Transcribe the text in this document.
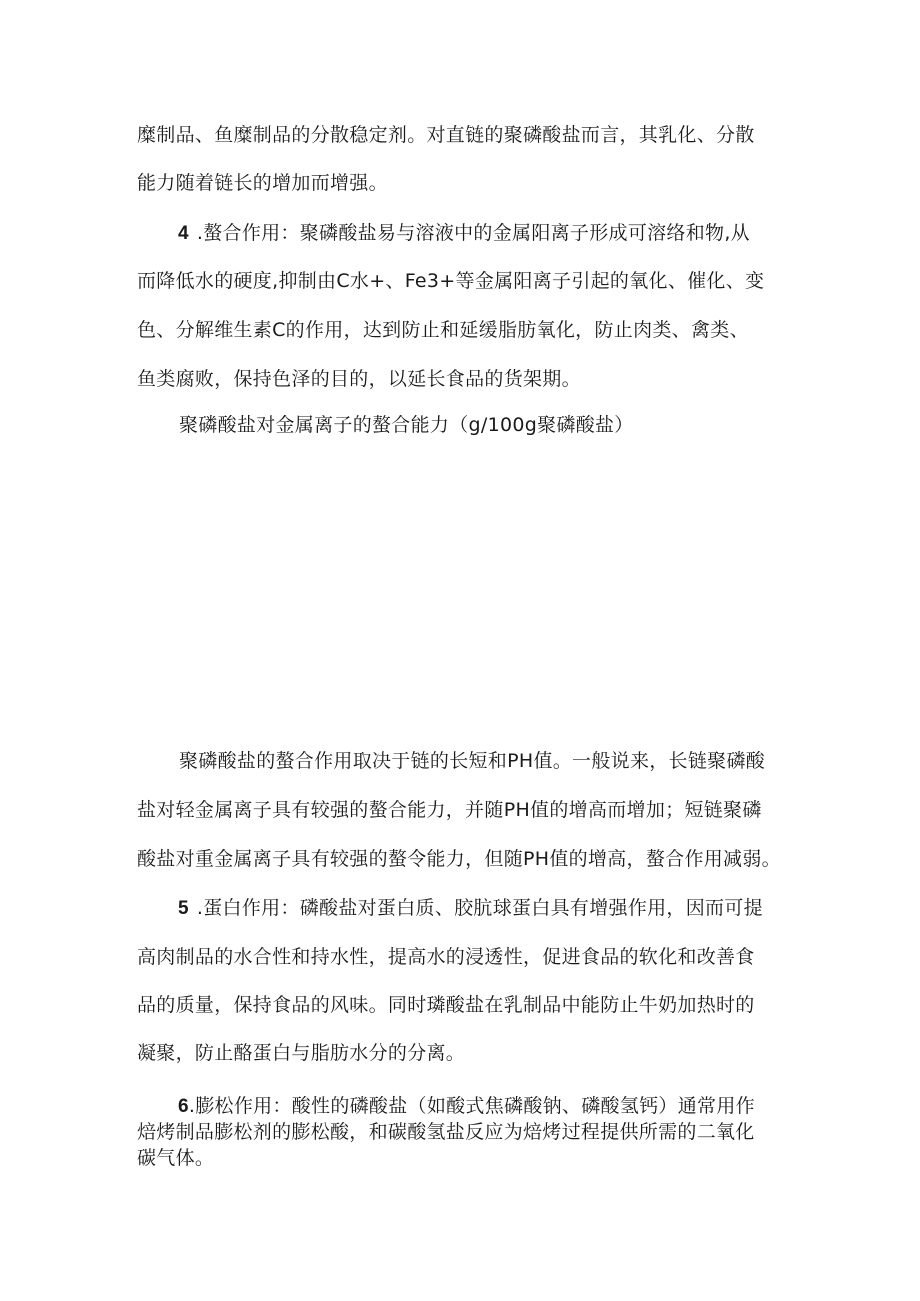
糜制品、鱼糜制品的分散稳定剂。对直链的聚磷酸盐而言，其乳化、分散
能力随着链长的增加而增强。
4 .螯合作用：聚磷酸盐易与溶液中的金属阳离子形成可溶络和物,从
而降低水的硬度,抑制由C水+、Fe3+等金属阳离子引起的氧化、催化、变
色、分解维生素C的作用，达到防止和延缓脂肪氧化，防止肉类、禽类、
鱼类腐败，保持色泽的目的，以延长食品的货架期。
聚磷酸盐对金属离子的螯合能力（g/100g聚磷酸盐）
聚磷酸盐的螯合作用取决于链的长短和PH值。一般说来，长链聚磷酸
盐对轻金属离子具有较强的螯合能力，并随PH值的增高而增加；短链聚磷
酸盐对重金属离子具有较强的螯令能力，但随PH值的增高，螯合作用减弱。
5 .蛋白作用：磷酸盐对蛋白质、胶肮球蛋白具有增强作用，因而可提
高肉制品的水合性和持水性，提高水的浸透性，促进食品的软化和改善食
品的质量，保持食品的风味。同时璘酸盐在乳制品中能防止牛奶加热时的
凝聚，防止酪蛋白与脂肪水分的分离。
6.膨松作用：酸性的磷酸盐（如酸式焦磷酸钠、磷酸氢钙）通常用作
焙烤制品膨松剂的膨松酸，和碳酸氢盐反应为焙烤过程提供所需的二氧化
碳气体。
